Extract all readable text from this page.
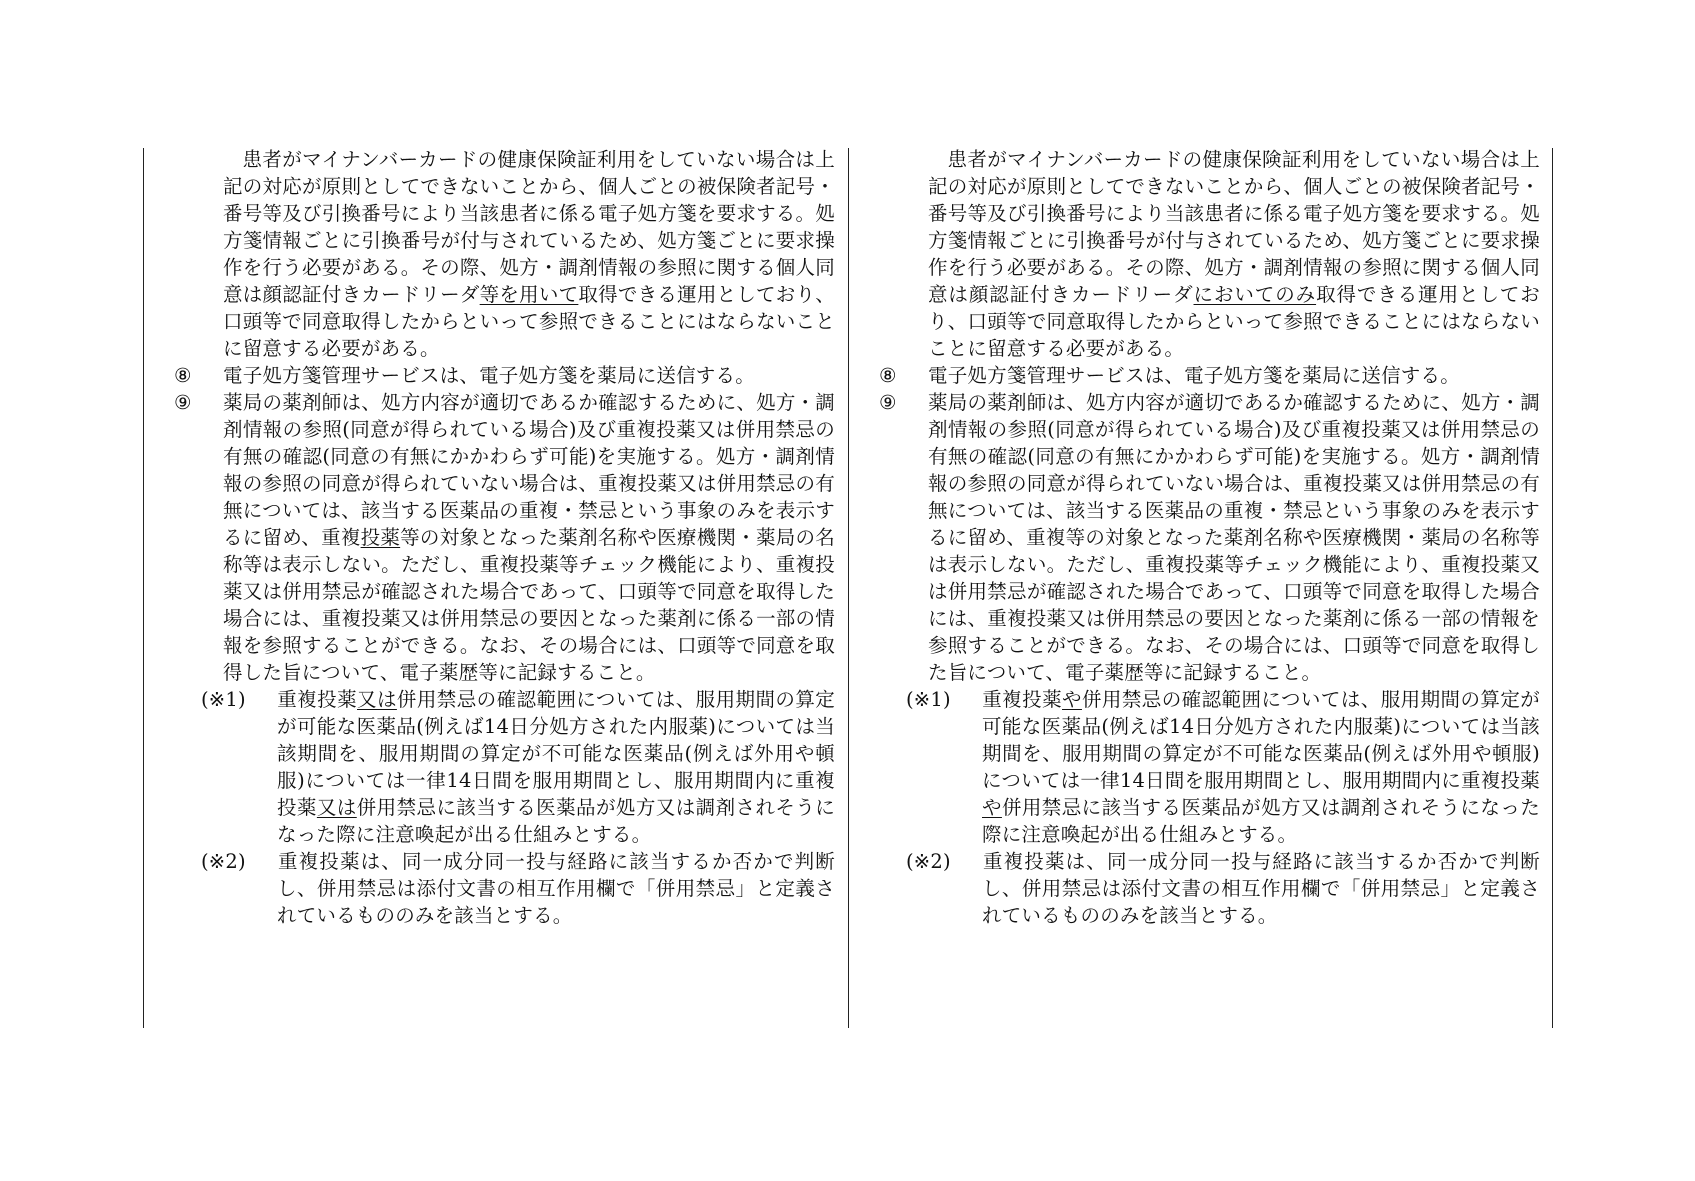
患者がマイナンバーカードの健康保険証利用をしていない場合は上記の対応が原則としてできないことから、個人ごとの被保険者記号・番号等及び引換番号により当該患者に係る電子処方箋を要求する。処方箋情報ごとに引換番号が付与されているため、処方箋ごとに要求操作を行う必要がある。その際、処方・調剤情報の参照に関する個人同意は顔認証付きカードリーダ等を用いて取得できる運用としており、口頭等で同意取得したからといって参照できることにはならないことに留意する必要がある。

⑧ 電子処方箋管理サービスは、電子処方箋を薬局に送信する。

⑨ 薬局の薬剤師は、処方内容が適切であるか確認するために、処方・調剤情報の参照(同意が得られている場合)及び重複投薬又は併用禁忌の有無の確認(同意の有無にかかわらず可能)を実施する。処方・調剤情報の参照の同意が得られていない場合は、重複投薬又は併用禁忌の有無については、該当する医薬品の重複・禁忌という事象のみを表示するに留め、重複投薬等の対象となった薬剤名称や医療機関・薬局の名称等は表示しない。ただし、重複投薬等チェック機能により、重複投薬又は併用禁忌が確認された場合であって、口頭等で同意を取得した場合には、重複投薬又は併用禁忌の要因となった薬剤に係る一部の情報を参照することができる。なお、その場合には、口頭等で同意を取得した旨について、電子薬歴等に記録すること。

(※1) 重複投薬又は併用禁忌の確認範囲については、服用期間の算定が可能な医薬品(例えば14日分処方された内服薬)については当該期間を、服用期間の算定が不可能な医薬品(例えば外用や頓服)については一律14日間を服用期間とし、服用期間内に重複投薬又は併用禁忌に該当する医薬品が処方又は調剤されそうになった際に注意喚起が出る仕組みとする。

(※2) 重複投薬は、同一成分同一投与経路に該当するか否かで判断し、併用禁忌は添付文書の相互作用欄で「併用禁忌」と定義されているもののみを該当とする。

患者がマイナンバーカードの健康保険証利用をしていない場合は上記の対応が原則としてできないことから、個人ごとの被保険者記号・番号等及び引換番号により当該患者に係る電子処方箋を要求する。処方箋情報ごとに引換番号が付与されているため、処方箋ごとに要求操作を行う必要がある。その際、処方・調剤情報の参照に関する個人同意は顔認証付きカードリーダにおいてのみ取得できる運用としており、口頭等で同意取得したからといって参照できることにはならないことに留意する必要がある。

⑧ 電子処方箋管理サービスは、電子処方箋を薬局に送信する。

⑨ 薬局の薬剤師は、処方内容が適切であるか確認するために、処方・調剤情報の参照(同意が得られている場合)及び重複投薬又は併用禁忌の有無の確認(同意の有無にかかわらず可能)を実施する。処方・調剤情報の参照の同意が得られていない場合は、重複投薬又は併用禁忌の有無については、該当する医薬品の重複・禁忌という事象のみを表示するに留め、重複等の対象となった薬剤名称や医療機関・薬局の名称等は表示しない。ただし、重複投薬等チェック機能により、重複投薬又は併用禁忌が確認された場合であって、口頭等で同意を取得した場合には、重複投薬又は併用禁忌の要因となった薬剤に係る一部の情報を参照することができる。なお、その場合には、口頭等で同意を取得した旨について、電子薬歴等に記録すること。

(※1) 重複投薬や併用禁忌の確認範囲については、服用期間の算定が可能な医薬品(例えば14日分処方された内服薬)については当該期間を、服用期間の算定が不可能な医薬品(例えば外用や頓服)については一律14日間を服用期間とし、服用期間内に重複投薬や併用禁忌に該当する医薬品が処方又は調剤されそうになった際に注意喚起が出る仕組みとする。

(※2) 重複投薬は、同一成分同一投与経路に該当するか否かで判断し、併用禁忌は添付文書の相互作用欄で「併用禁忌」と定義されているもののみを該当とする。
